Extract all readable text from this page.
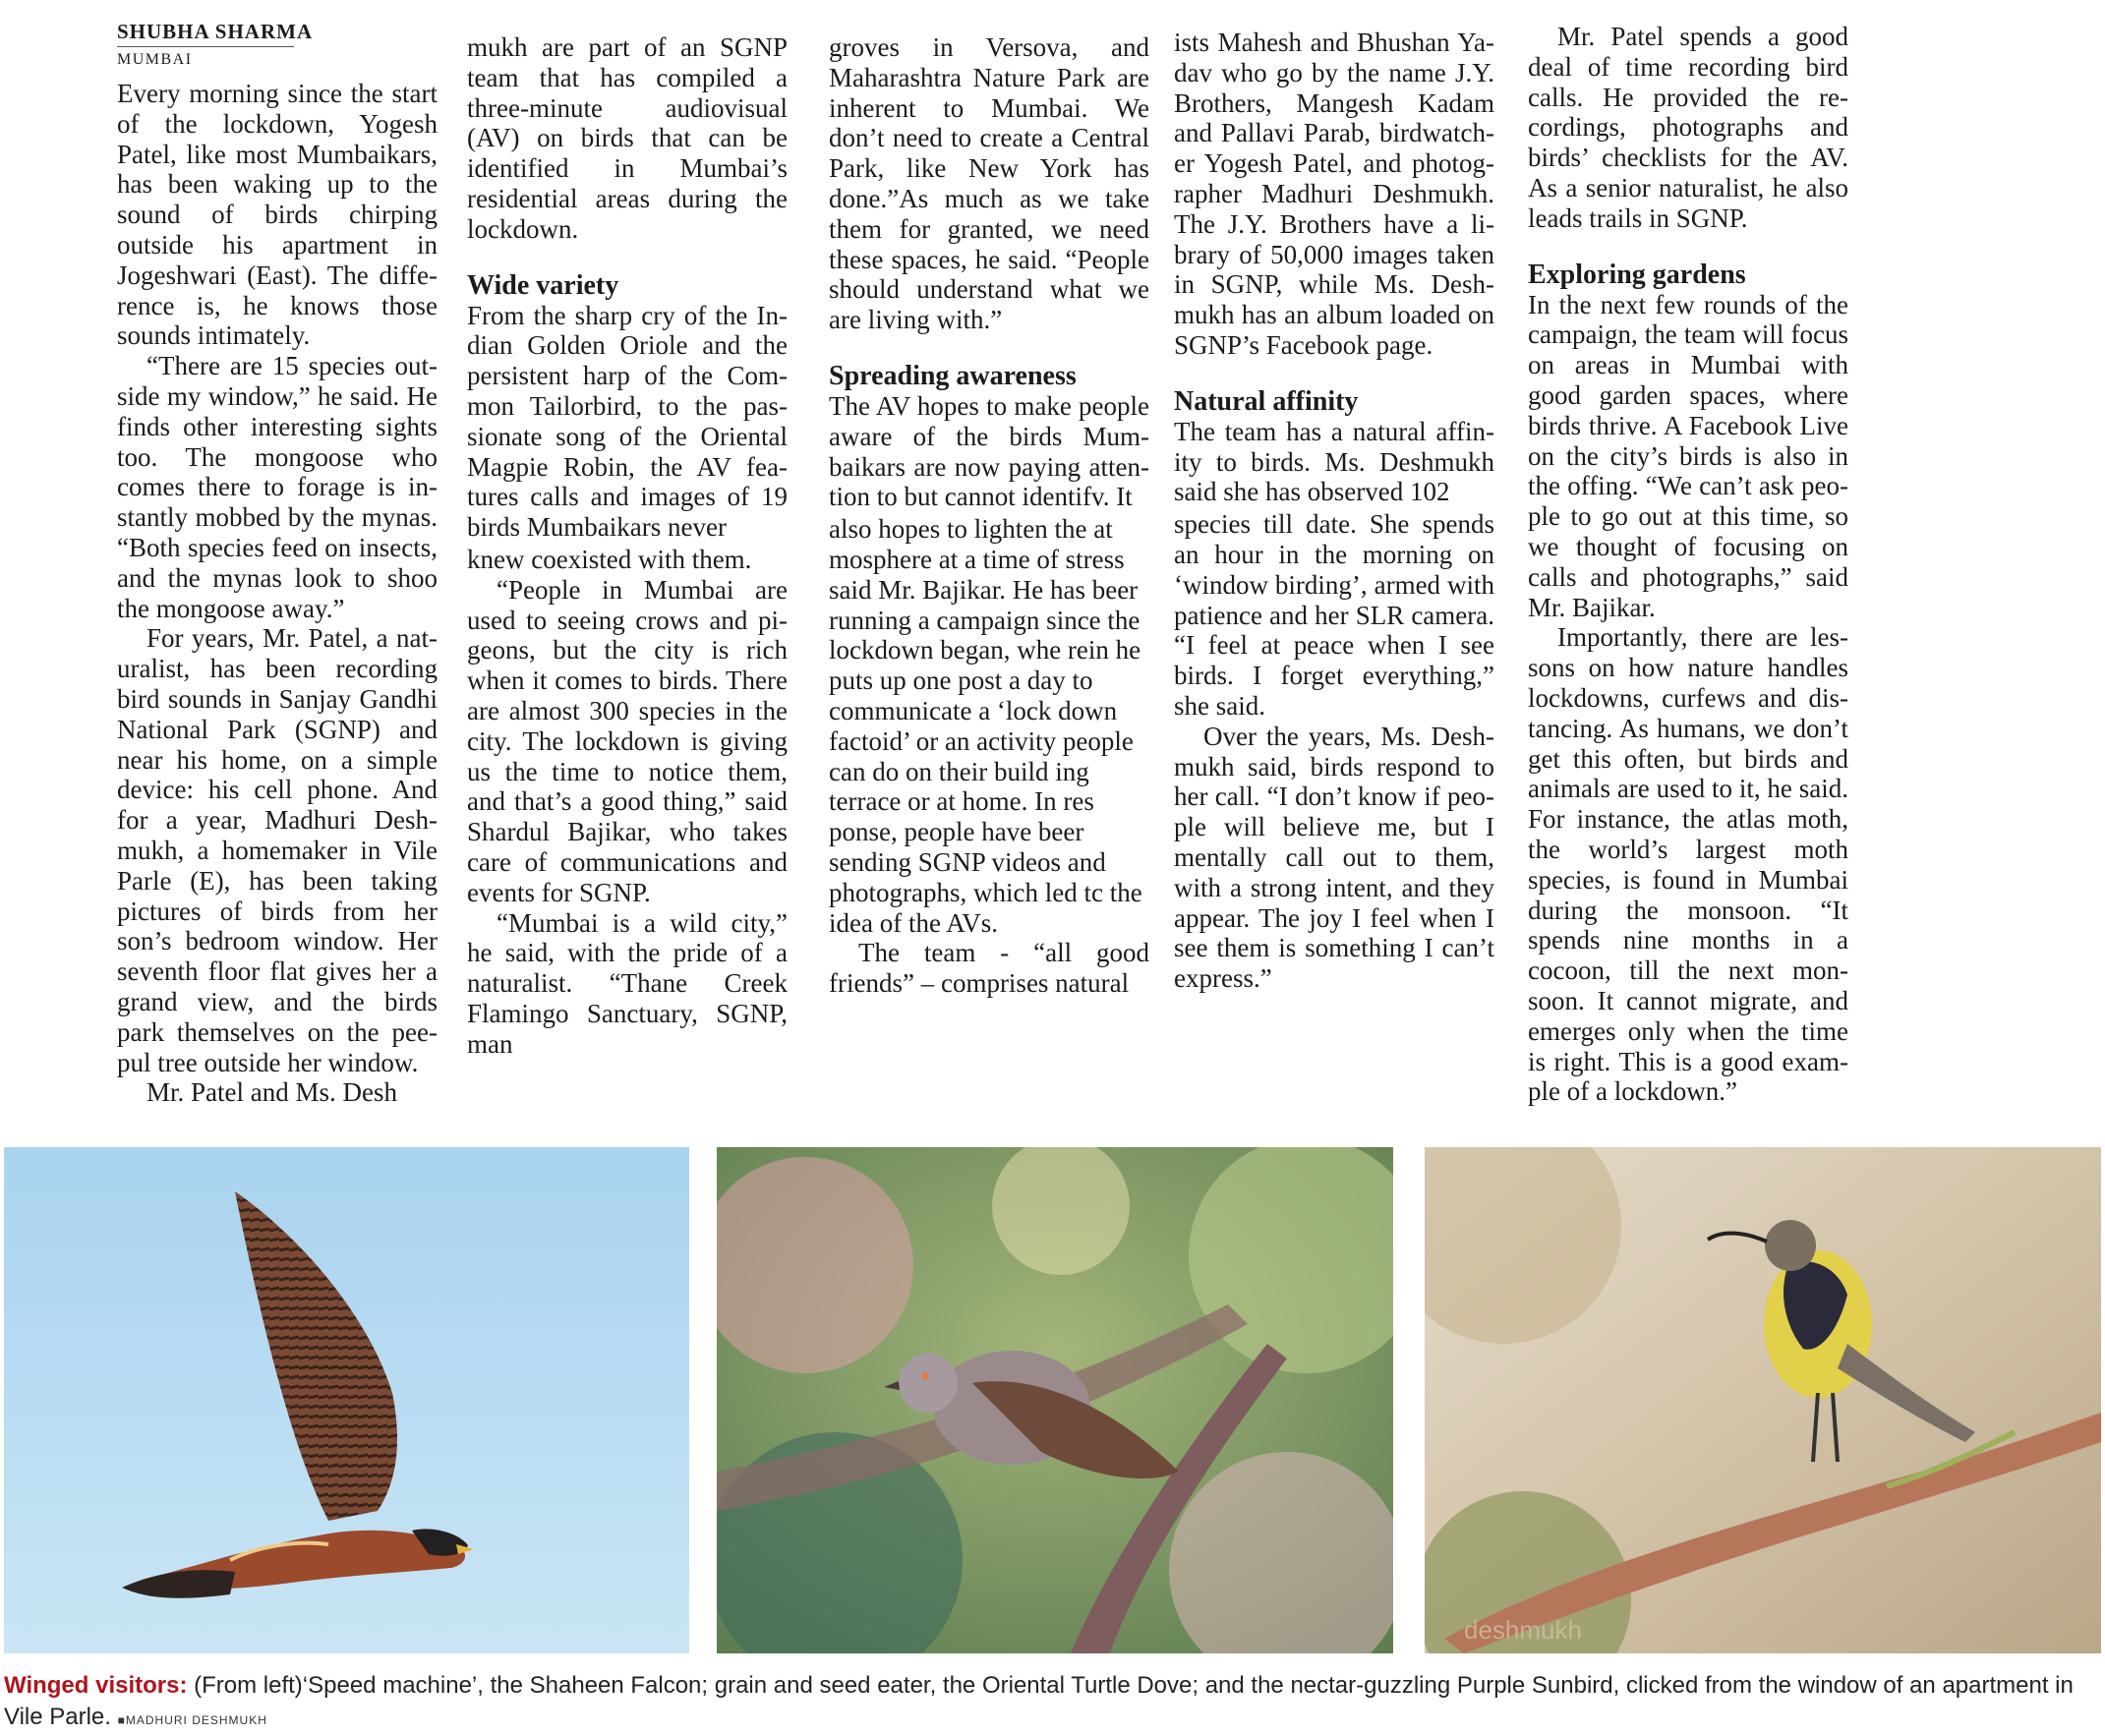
SHUBHA SHARMA
MUMBAI

Every morning since the start of the lockdown, Yogesh Patel, like most Mumbaikars, has been waking up to the sound of birds chirping outside his apartment in Jogeshwari (East). The difference is, he knows those sounds intimately.

“There are 15 species outside my window,” he said. He finds other interesting sights too. The mongoose who comes there to forage is instantly mobbed by the mynas. “Both species feed on insects, and the mynas look to shoo the mongoose away.”

For years, Mr. Patel, a naturalist, has been recording bird sounds in Sanjay Gandhi National Park (SGNP) and near his home, on a simple device: his cell phone. And for a year, Madhuri Deshmukh, a homemaker in Vile Parle (E), has been taking pictures of birds from her son’s bedroom window. Her seventh floor flat gives her a grand view, and the birds park themselves on the peepul tree outside her window.

Mr. Patel and Ms. Desh

mukh are part of an SGNP team that has compiled a three-minute audiovisual (AV) on birds that can be identified in Mumbai’s residential areas during the lockdown.

Wide variety

From the sharp cry of the Indian Golden Oriole and the persistent harp of the Common Tailorbird, to the passionate song of the Oriental Magpie Robin, the AV features calls and images of 19 birds Mumbaikars never

knew coexisted with them.

“People in Mumbai are used to seeing crows and pigeons, but the city is rich when it comes to birds. There are almost 300 species in the city. The lockdown is giving us the time to notice them, and that’s a good thing,” said Shardul Bajikar, who takes care of communications and events for SGNP.

“Mumbai is a wild city,” he said, with the pride of a naturalist. “Thane Creek Flamingo Sanctuary, SGNP, man

groves in Versova, and Maharashtra Nature Park are inherent to Mumbai. We don’t need to create a Central Park, like New York has done.”As much as we take them for granted, we need these spaces, he said. “People should understand what we are living with.”

Spreading awareness

The AV hopes to make people aware of the birds Mumbaikars are now paying attention to but cannot identifv. It

also hopes to lighten the at mosphere at a time of stress said Mr. Bajikar. He has beer running a campaign since the lockdown began, whe rein he puts up one post a day to communicate a ‘lock down factoid’ or an activity people can do on their build ing terrace or at home. In res ponse, people have beer sending SGNP videos and photographs, which led tc the idea of the AVs.

The team - “all good friends” – comprises natural

ists Mahesh and Bhushan Yadav who go by the name J.Y. Brothers, Mangesh Kadam and Pallavi Parab, birdwatcher Yogesh Patel, and photographer Madhuri Deshmukh. The J.Y. Brothers have a library of 50,000 images taken in SGNP, while Ms. Deshmukh has an album loaded on SGNP’s Facebook page.

Natural affinity

The team has a natural affinity to birds. Ms. Deshmukh said she has observed 102

species till date. She spends an hour in the morning on ‘window birding’, armed with patience and her SLR camera. “I feel at peace when I see birds. I forget everything,” she said.

Over the years, Ms. Deshmukh said, birds respond to her call. “I don’t know if people will believe me, but I mentally call out to them, with a strong intent, and they appear. The joy I feel when I see them is something I can’t express.”

Mr. Patel spends a good deal of time recording bird calls. He provided the recordings, photographs and birds’ checklists for the AV. As a senior naturalist, he also leads trails in SGNP.

Exploring gardens

In the next few rounds of the campaign, the team will focus on areas in Mumbai with good garden spaces, where birds thrive. A Facebook Live on the city’s birds is also in the offing. “We can’t ask people to go out at this time, so we thought of focusing on calls and photographs,” said Mr. Bajikar.

Importantly, there are lessons on how nature handles lockdowns, curfews and distancing. As humans, we don’t get this often, but birds and animals are used to it, he said. For instance, the atlas moth, the world’s largest moth species, is found in Mumbai during the monsoon. “It spends nine months in a cocoon, till the next monsoon. It cannot migrate, and emerges only when the time is right. This is a good example of a lockdown.”

deshmukh
Winged visitors: (From left)‘Speed machine’, the Shaheen Falcon; grain and seed eater, the Oriental Turtle Dove; and the nectar-guzzling Purple Sunbird, clicked from the window of an apartment in Vile Parle. ■MADHURI DESHMUKH
